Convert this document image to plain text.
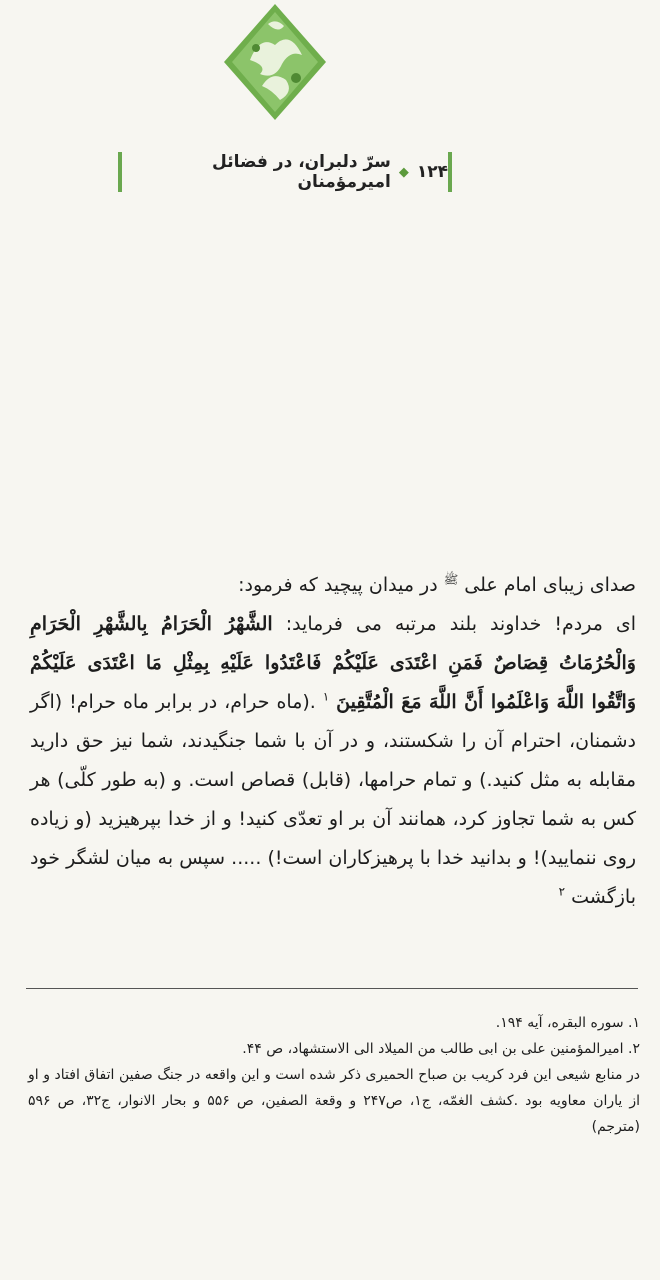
۱۲۴
◆
سرّ دلبران، در فضائل امیرمؤمنان

صدای زیبای امام علی $^ﷺ$ در میدان پیچید که فرمود:

ای مردم! خداوند بلند مرتبه می فرماید: الشَّهْرُ الْحَرَامُ بِالشَّهْرِ الْحَرَامِ وَالْحُرُمَاتُ قِصَاصٌ فَمَنِ اعْتَدَى عَلَيْكُمْ فَاعْتَدُوا عَلَيْهِ بِمِثْلِ مَا اعْتَدَى عَلَيْكُمْ وَاتَّقُوا اللَّهَ وَاعْلَمُوا أَنَّ اللَّهَ مَعَ الْمُتَّقِينَ $^۱$ .(ماه حرام، در برابر ماه حرام! (اگر دشمنان، احترام آن را شکستند، و در آن با شما جنگیدند، شما نیز حق دارید مقابله به مثل کنید.) و تمام حرامها، (قابل) قصاص است. و (به طور کلّی) هر کس به شما تجاوز کرد، همانند آن بر او تعدّی کنید! و از خدا بپرهیزید (و زیاده روی ننمایید)! و بدانید خدا با پرهیزکاران است!) ..... سپس به میان لشگر خود بازگشت $^۲$

۱. سوره البقره، آیه ۱۹۴.

۲. امیرالمؤمنین علی بن ابی طالب من المیلاد الی الاستشهاد، ص ۴۴.

در منابع شیعی این فرد کریب بن صباح الحمیری ذکر شده است و این واقعه در جنگ صفین اتفاق افتاد و او از یاران معاویه بود .کشف الغمّه، ج۱، ص۲۴۷ و وقعة الصفین، ص ۵۵۶ و بحار الانوار، ج۳۲، ص ۵۹۶ (مترجم)
